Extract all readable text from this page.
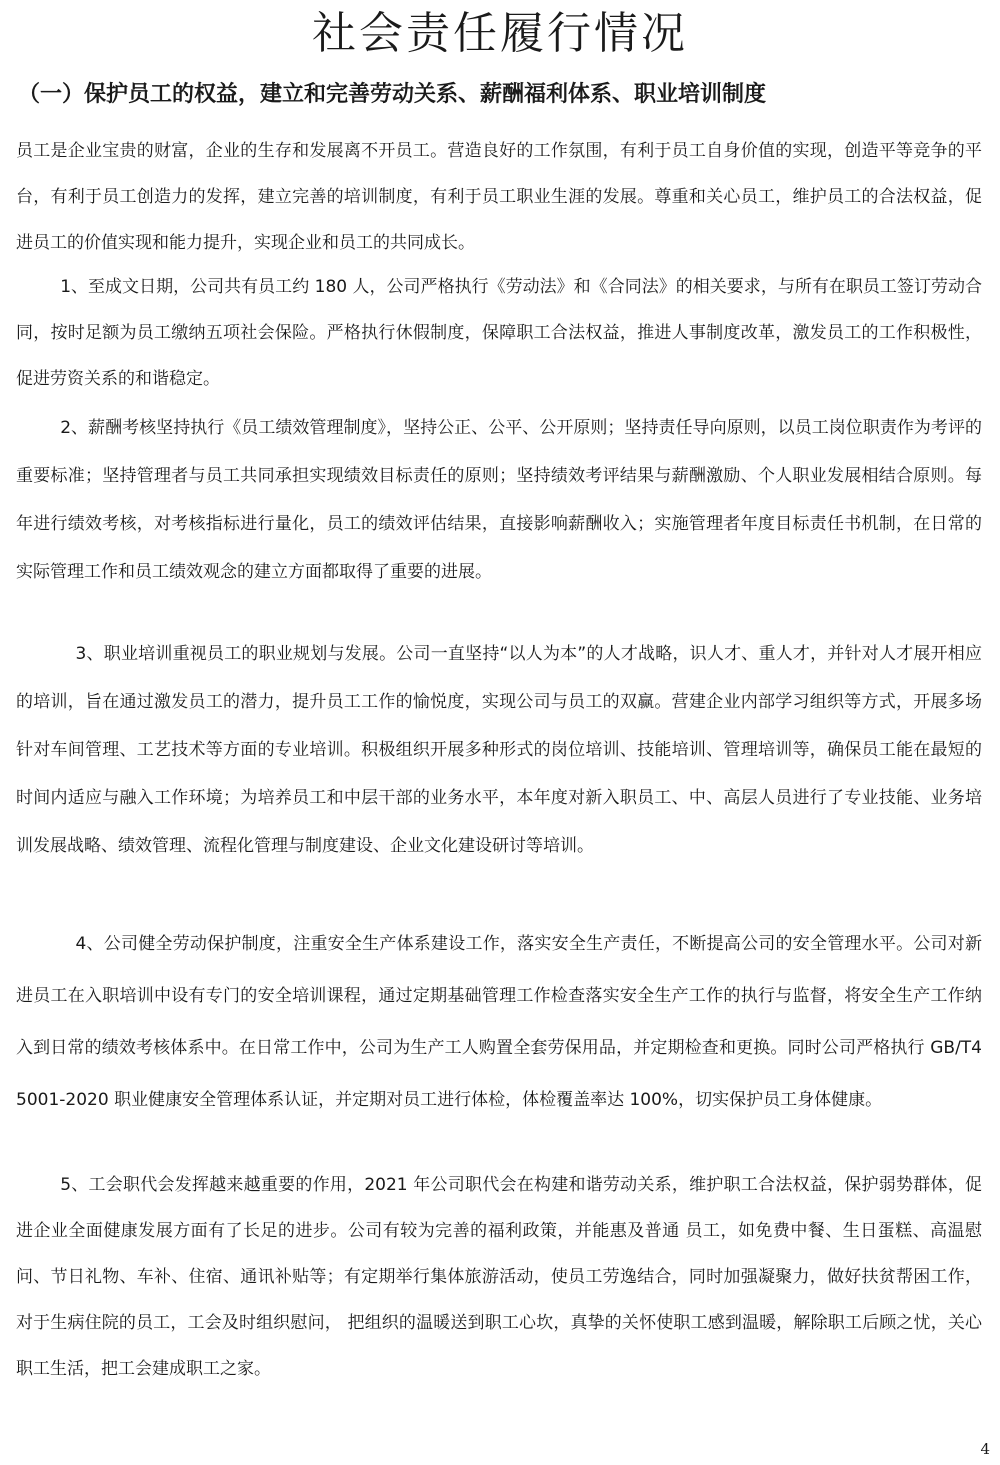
社会责任履行情况
（一）保护员工的权益，建立和完善劳动关系、薪酬福利体系、职业培训制度

员工是企业宝贵的财富，企业的生存和发展离不开员工。营造良好的工作氛围，有利于员工自身价值的实现，创造平等竞争的平台，有利于员工创造力的发挥，建立完善的培训制度，有利于员工职业生涯的发展。尊重和关心员工，维护员工的合法权益，促进员工的价值实现和能力提升，实现企业和员工的共同成长。

1、至成文日期，公司共有员工约 180 人，公司严格执行《劳动法》和《合同法》的相关要求，与所有在职员工签订劳动合同，按时足额为员工缴纳五项社会保险。严格执行休假制度，保障职工合法权益，推进人事制度改革，激发员工的工作积极性，促进劳资关系的和谐稳定。

2、薪酬考核坚持执行《员工绩效管理制度》，坚持公正、公平、公开原则；坚持责任导向原则，以员工岗位职责作为考评的重要标准；坚持管理者与员工共同承担实现绩效目标责任的原则；坚持绩效考评结果与薪酬激励、个人职业发展相结合原则。每年进行绩效考核，对考核指标进行量化，员工的绩效评估结果，直接影响薪酬收入；实施管理者年度目标责任书机制，在日常的实际管理工作和员工绩效观念的建立方面都取得了重要的进展。

3、职业培训重视员工的职业规划与发展。公司一直坚持“以人为本”的人才战略，识人才、重人才，并针对人才展开相应的培训，旨在通过激发员工的潜力，提升员工工作的愉悦度，实现公司与员工的双赢。营建企业内部学习组织等方式，开展多场针对车间管理、工艺技术等方面的专业培训。积极组织开展多种形式的岗位培训、技能培训、管理培训等，确保员工能在最短的时间内适应与融入工作环境；为培养员工和中层干部的业务水平，本年度对新入职员工、中、高层人员进行了专业技能、业务培训发展战略、绩效管理、流程化管理与制度建设、企业文化建设研讨等培训。

4、公司健全劳动保护制度，注重安全生产体系建设工作，落实安全生产责任，不断提高公司的安全管理水平。公司对新进员工在入职培训中设有专门的安全培训课程，通过定期基础管理工作检查落实安全生产工作的执行与监督，将安全生产工作纳入到日常的绩效考核体系中。在日常工作中，公司为生产工人购置全套劳保用品，并定期检查和更换。同时公司严格执行 GB/T45001-2020 职业健康安全管理体系认证，并定期对员工进行体检，体检覆盖率达 100%，切实保护员工身体健康。

5、工会职代会发挥越来越重要的作用，2021 年公司职代会在构建和谐劳动关系，维护职工合法权益，保护弱势群体，促进企业全面健康发展方面有了长足的进步。公司有较为完善的福利政策，并能惠及普通 员工，如免费中餐、生日蛋糕、高温慰问、节日礼物、车补、住宿、通讯补贴等；有定期举行集体旅游活动，使员工劳逸结合，同时加强凝聚力，做好扶贫帮困工作，对于生病住院的员工，工会及时组织慰问， 把组织的温暖送到职工心坎，真挚的关怀使职工感到温暖，解除职工后顾之忧，关心职工生活，把工会建成职工之家。

4
